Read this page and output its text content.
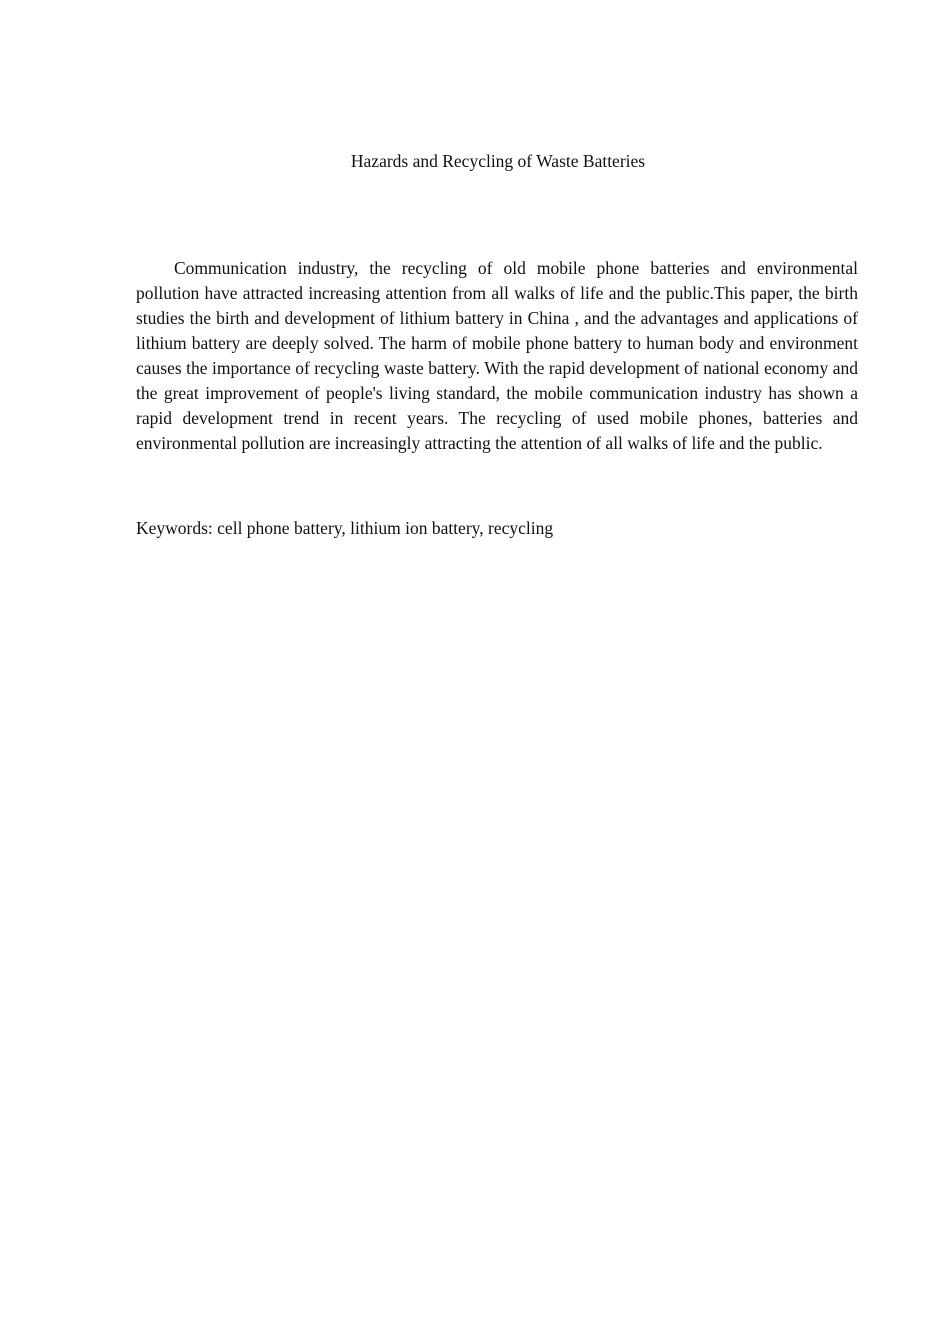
Hazards and Recycling of Waste Batteries

Communication industry, the recycling of old mobile phone batteries and environmental pollution have attracted increasing attention from all walks of life and the public.This paper, the birth studies the birth and development of lithium battery in China , and the advantages and applications of lithium battery are deeply solved. The harm of mobile phone battery to human body and environment causes the importance of recycling waste battery. With the rapid development of national economy and the great improvement of people's living standard, the mobile communication industry has shown a rapid development trend in recent years. The recycling of used mobile phones, batteries and environmental pollution are increasingly attracting the attention of all walks of life and the public.

Keywords: cell phone battery, lithium ion battery, recycling
